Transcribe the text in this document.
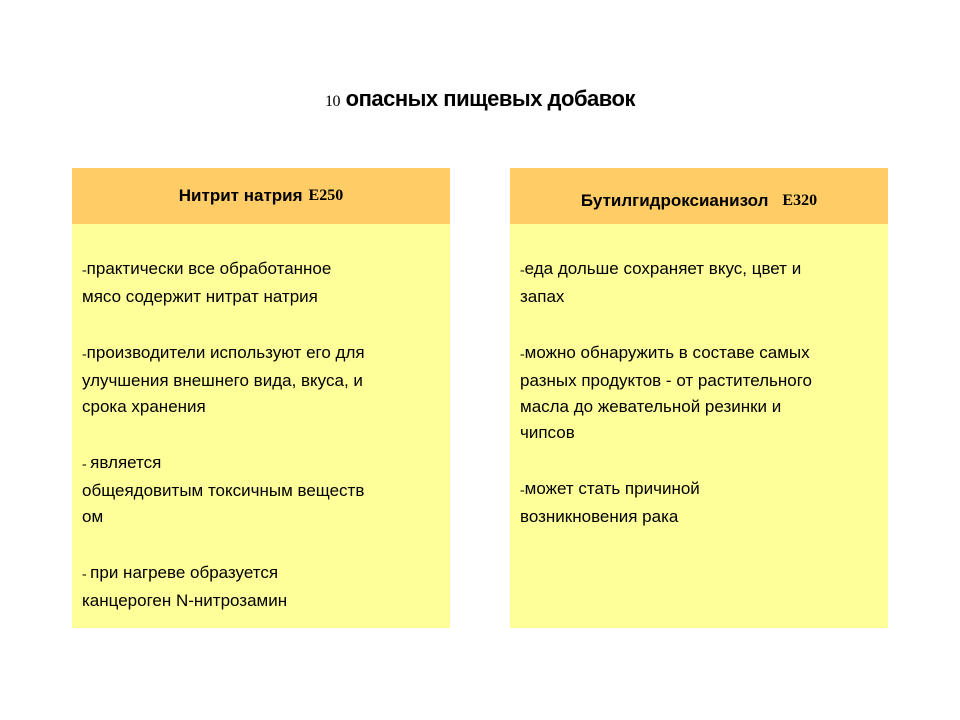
10 опасных пищевых добавок
Нитрит натрия E250
-практически все обработанное
мясо содержит нитрат натрия
-производители используют его для
улучшения внешнего вида, вкуса, и
срока хранения
- является
общеядовитым токсичным веществ
ом
- при нагреве образуется
канцероген N-нитрозамин
Бутилгидроксианизол E320
-еда дольше сохраняет вкус, цвет и
запах
-можно обнаружить в составе самых
разных продуктов - от растительного
масла до жевательной резинки и
чипсов
-может стать причиной
возникновения рака
